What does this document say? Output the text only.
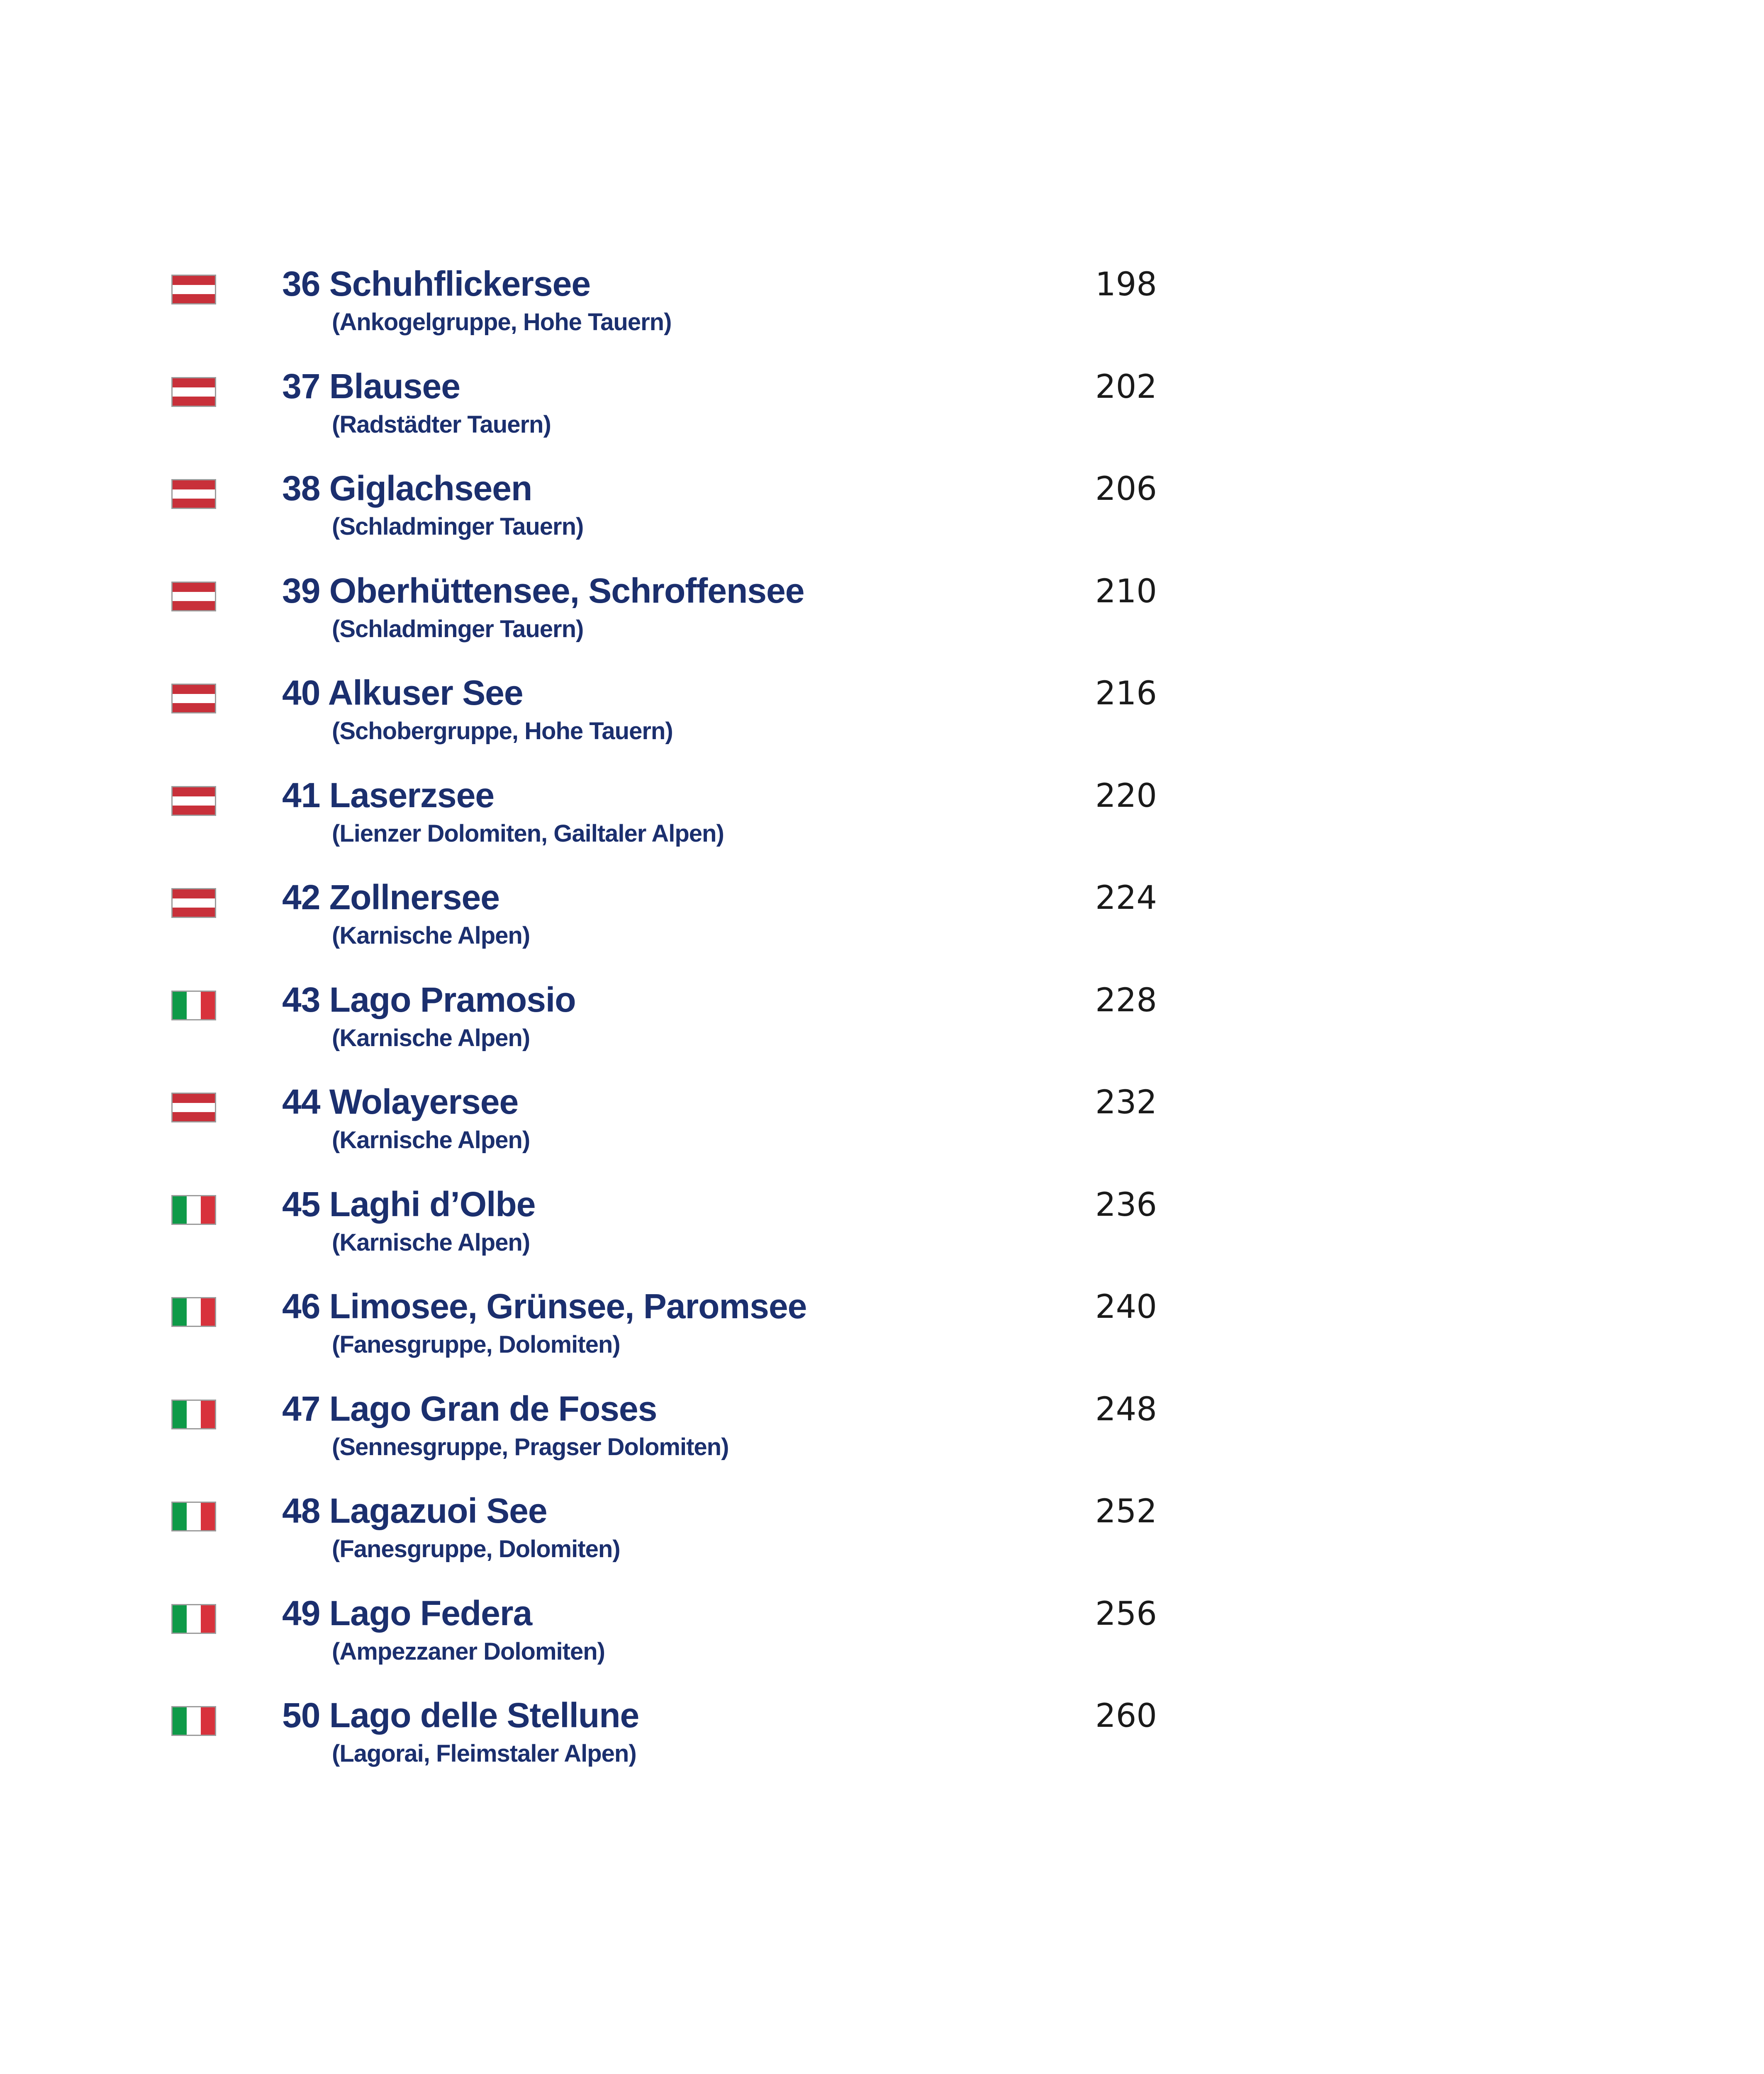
36 Schuhflickersee
(Ankogelgruppe, Hohe Tauern)
198
37 Blausee
(Radstädter Tauern)
202
38 Giglachseen
(Schladminger Tauern)
206
39 Oberhüttensee, Schroffensee
(Schladminger Tauern)
210
40 Alkuser See
(Schobergruppe, Hohe Tauern)
216
41 Laserzsee
(Lienzer Dolomiten, Gailtaler Alpen)
220
42 Zollnersee
(Karnische Alpen)
224
43 Lago Pramosio
(Karnische Alpen)
228
44 Wolayersee
(Karnische Alpen)
232
45 Laghi d’Olbe
(Karnische Alpen)
236
46 Limosee, Grünsee, Paromsee
(Fanesgruppe, Dolomiten)
240
47 Lago Gran de Foses
(Sennesgruppe, Pragser Dolomiten)
248
48 Lagazuoi See
(Fanesgruppe, Dolomiten)
252
49 Lago Federa
(Ampezzaner Dolomiten)
256
50 Lago delle Stellune
(Lagorai, Fleimstaler Alpen)
260
